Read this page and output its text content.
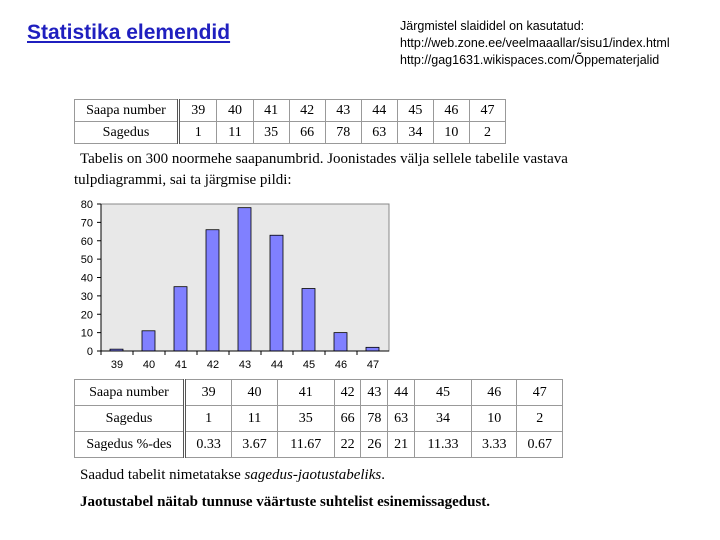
Statistika elemendid	Järgmistel slaididel on kasutatud:
http://web.zone.ee/veelmaaallar/sisu1/index.html
http://gag1631.wikispaces.com/Õppematerjalid
Saapa number	39	40	41	42	43	44	45	46	47
Sagedus	1	11	35	66	78	63	34	10	2
Tabelis on 300 noormehe saapanumbrid. Joonistades välja sellele tabelile vastava
tulpdiagrammi, sai ta järgmise pildi:
0
10
20
30
40
50
60
70
80
39 40 41 42 43 44 45 46 47
Saapa number	39	40	41	42	43	44	45	46	47
Sagedus	1	11	35	66	78	63	34	10	2
Sagedus %-des	0.33	3.67	11.67	22	26	21	11.33	3.33	0.67
Saadud tabelit nimetatakse sagedus-jaotustabeliks.
Jaotustabel näitab tunnuse väärtuste suhtelist esinemissagedust.
